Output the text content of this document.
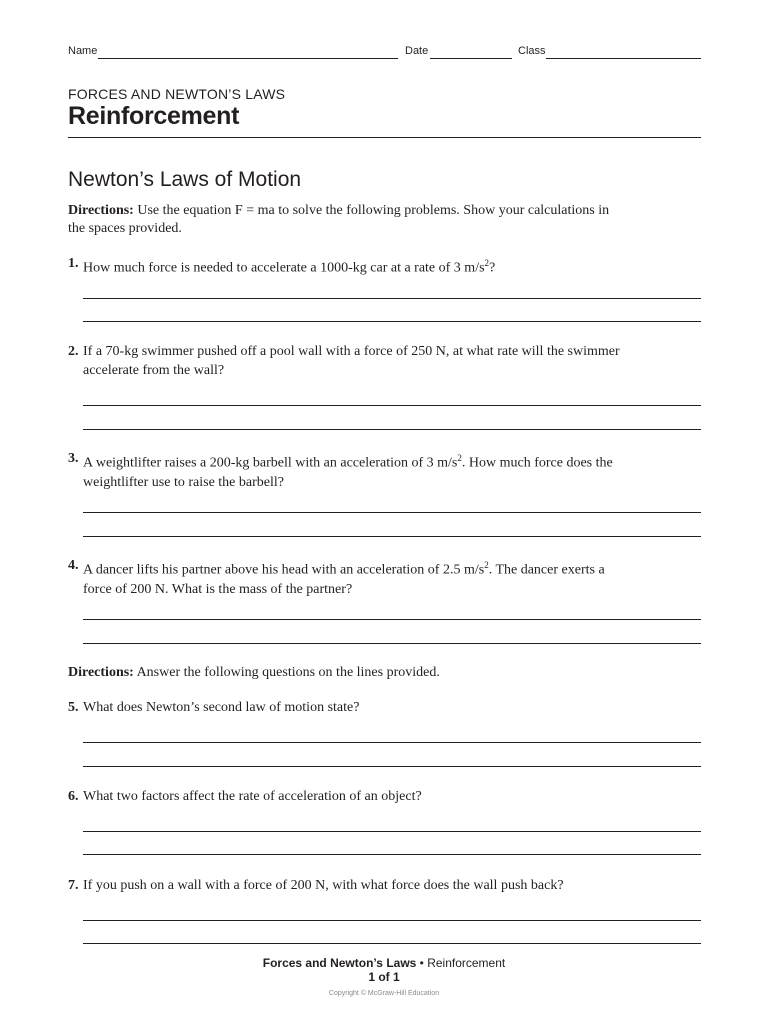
Name	Date	Class
FORCES AND NEWTON’S LAWS
Reinforcement
Newton’s Laws of Motion

Directions: Use the equation F = ma to solve the following problems. Show your calculations in the spaces provided.

1. How much force is needed to accelerate a 1000-kg car at a rate of 3 $m/s^2$?
2. If a 70-kg swimmer pushed off a pool wall with a force of 250 N, at what rate will the swimmer accelerate from the wall?
3. A weightlifter raises a 200-kg barbell with an acceleration of 3 $m/s^2$. How much force does the weightlifter use to raise the barbell?
4. A dancer lifts his partner above his head with an acceleration of 2.5 $m/s^2$. The dancer exerts a force of 200 N. What is the mass of the partner?

Directions: Answer the following questions on the lines provided.

5. What does Newton’s second law of motion state?
6. What two factors affect the rate of acceleration of an object?
7. If you push on a wall with a force of 200 N, with what force does the wall push back?
Forces and Newton’s Laws • Reinforcement
1 of 1
Copyright © McGraw-Hill Education
